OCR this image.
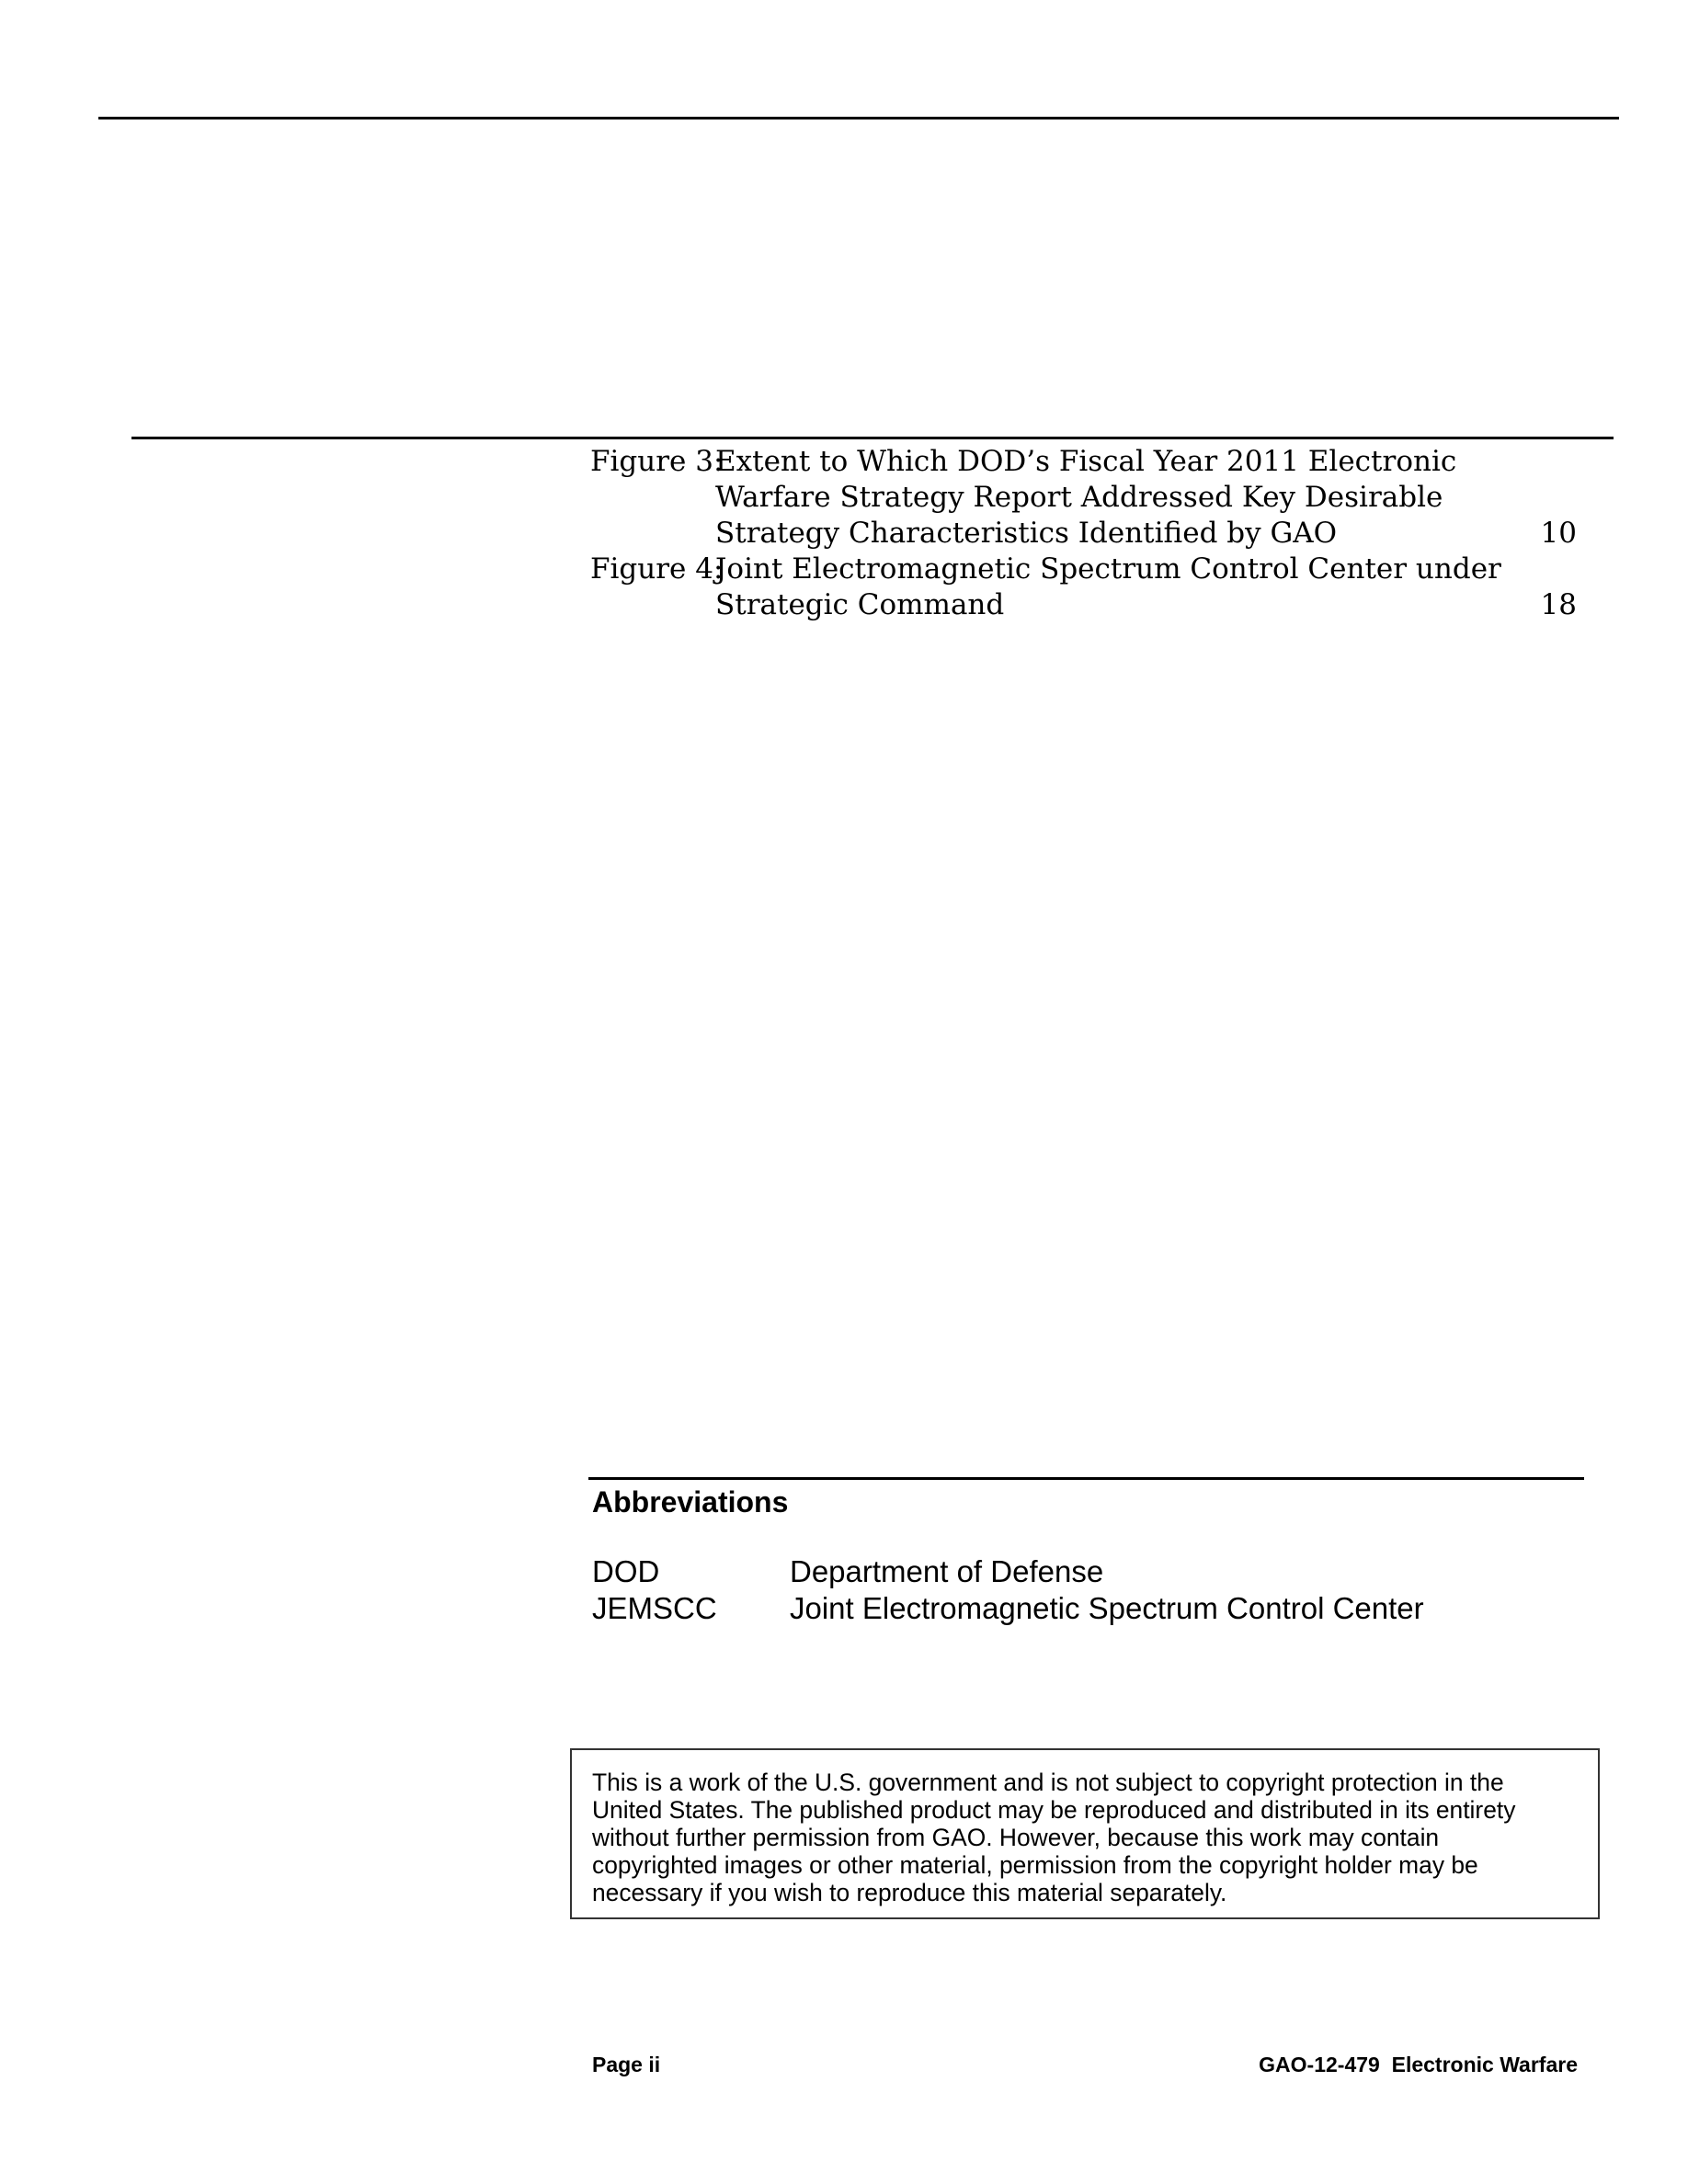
Figure 3:
Extent to Which DOD’s Fiscal Year 2011 Electronic
Warfare Strategy Report Addressed Key Desirable
Strategy Characteristics Identified by GAO	10
Figure 4:
Joint Electromagnetic Spectrum Control Center under
Strategic Command	18
Abbreviations
DOD	Department of Defense
JEMSCC	Joint Electromagnetic Spectrum Control Center
This is a work of the U.S. government and is not subject to copyright protection in the
United States. The published product may be reproduced and distributed in its entirety
without further permission from GAO. However, because this work may contain
copyrighted images or other material, permission from the copyright holder may be
necessary if you wish to reproduce this material separately.
Page ii	GAO-12-479  Electronic Warfare
